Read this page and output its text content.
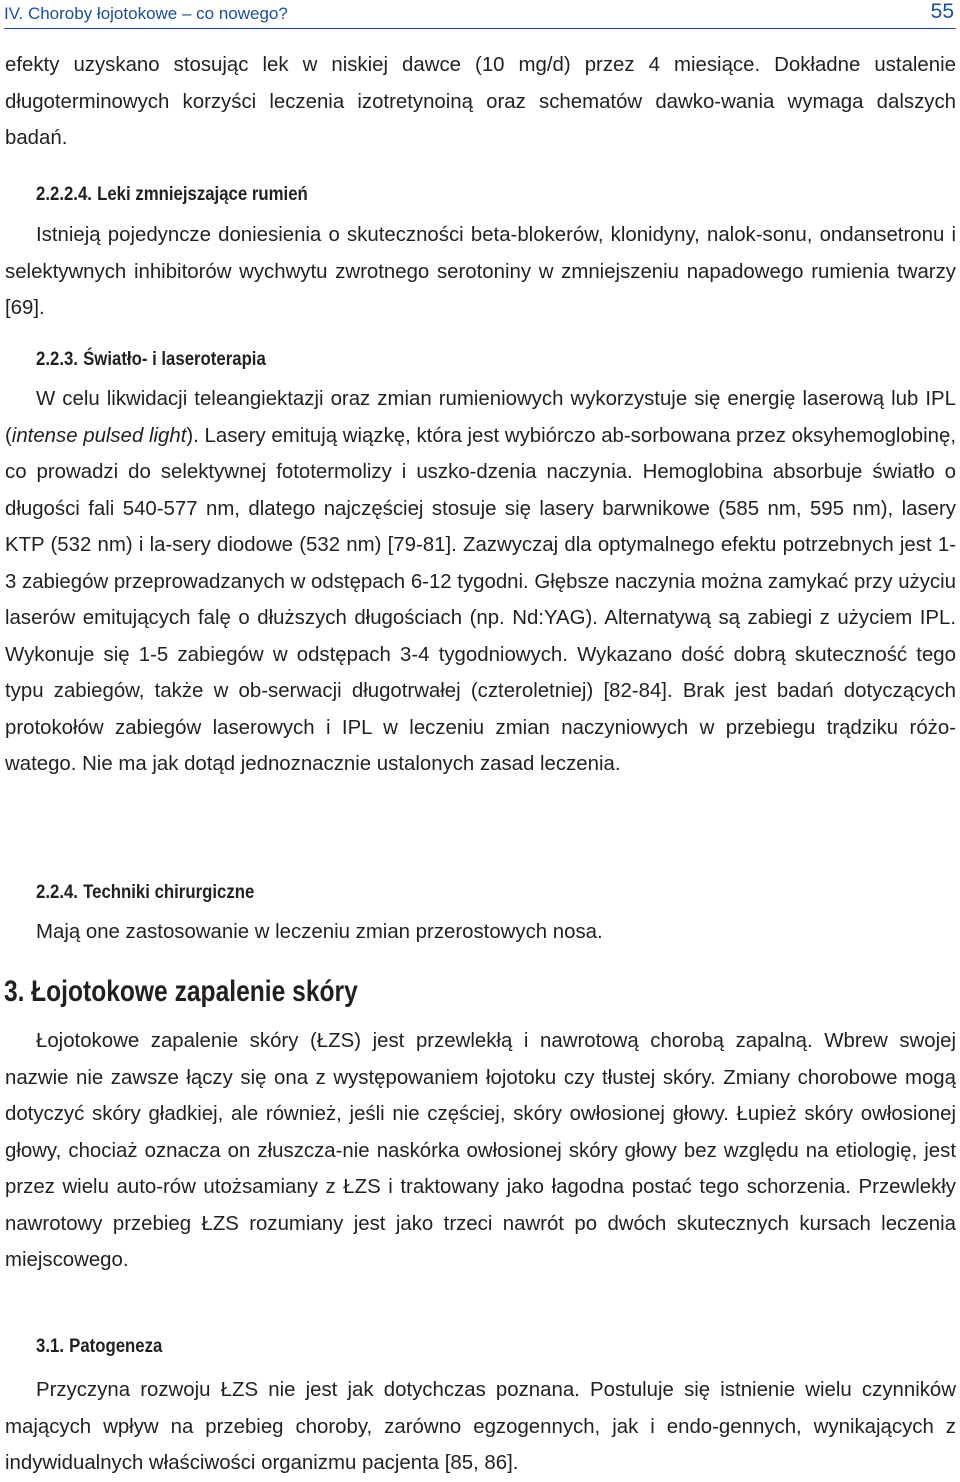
IV. Choroby łojotokowe – co nowego?	55

efekty uzyskano stosując lek w niskiej dawce (10 mg/d) przez 4 miesiące. Dokładne ustalenie długoterminowych korzyści leczenia izotretynoiną oraz schematów dawko-wania wymaga dalszych badań.

2.2.2.4. Leki zmniejszające rumień

Istnieją pojedyncze doniesienia o skuteczności beta-blokerów, klonidyny, nalok-sonu, ondansetronu i selektywnych inhibitorów wychwytu zwrotnego serotoniny w zmniejszeniu napadowego rumienia twarzy [69].

2.2.3. Światło- i laseroterapia

W celu likwidacji teleangiektazji oraz zmian rumieniowych wykorzystuje się energię laserową lub IPL (intense pulsed light). Lasery emitują wiązkę, która jest wybiórczo ab-sorbowana przez oksyhemoglobinę, co prowadzi do selektywnej fototermolizy i uszko-dzenia naczynia. Hemoglobina absorbuje światło o długości fali 540-577 nm, dlatego najczęściej stosuje się lasery barwnikowe (585 nm, 595 nm), lasery KTP (532 nm) i la-sery diodowe (532 nm) [79-81]. Zazwyczaj dla optymalnego efektu potrzebnych jest 1-3 zabiegów przeprowadzanych w odstępach 6-12 tygodni. Głębsze naczynia można zamykać przy użyciu laserów emitujących falę o dłuższych długościach (np. Nd:YAG). Alternatywą są zabiegi z użyciem IPL. Wykonuje się 1-5 zabiegów w odstępach 3-4 tygodniowych. Wykazano dość dobrą skuteczność tego typu zabiegów, także w ob-serwacji długotrwałej (czteroletniej) [82-84]. Brak jest badań dotyczących protokołów zabiegów laserowych i IPL w leczeniu zmian naczyniowych w przebiegu trądziku różo-watego. Nie ma jak dotąd jednoznacznie ustalonych zasad leczenia.

2.2.4. Techniki chirurgiczne

Mają one zastosowanie w leczeniu zmian przerostowych nosa.

3. Łojotokowe zapalenie skóry

Łojotokowe zapalenie skóry (ŁZS) jest przewlekłą i nawrotową chorobą zapalną. Wbrew swojej nazwie nie zawsze łączy się ona z występowaniem łojotoku czy tłustej skóry. Zmiany chorobowe mogą dotyczyć skóry gładkiej, ale również, jeśli nie częściej, skóry owłosionej głowy. Łupież skóry owłosionej głowy, chociaż oznacza on złuszcza-nie naskórka owłosionej skóry głowy bez względu na etiologię, jest przez wielu auto-rów utożsamiany z ŁZS i traktowany jako łagodna postać tego schorzenia. Przewlekły nawrotowy przebieg ŁZS rozumiany jest jako trzeci nawrót po dwóch skutecznych kursach leczenia miejscowego.

3.1. Patogeneza

Przyczyna rozwoju ŁZS nie jest jak dotychczas poznana. Postuluje się istnienie wielu czynników mających wpływ na przebieg choroby, zarówno egzogennych, jak i endo-gennych, wynikających z indywidualnych właściwości organizmu pacjenta [85, 86].
